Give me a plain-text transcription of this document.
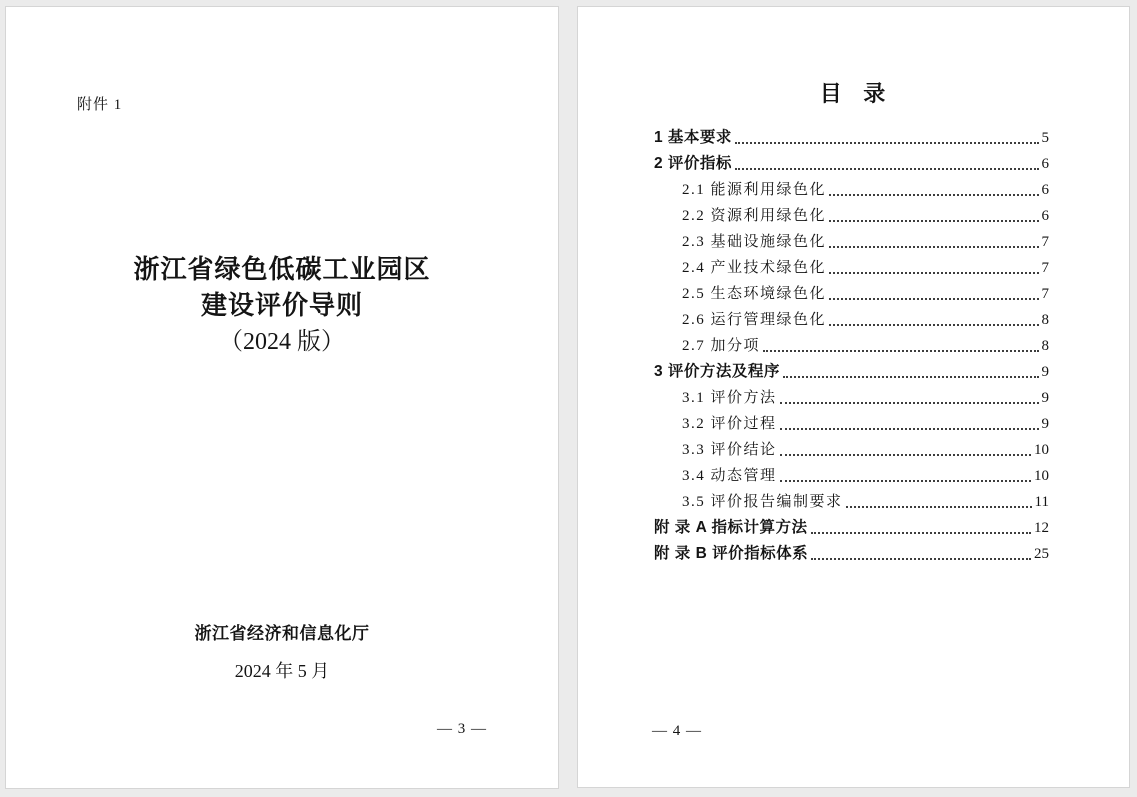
附件 1
浙江省绿色低碳工业园区
建设评价导则
（2024 版）
浙江省经济和信息化厅
2024 年 5 月
— 3 —
目 录
1 基本要求	5
2 评价指标	6
2.1 能源利用绿色化	6
2.2 资源利用绿色化	6
2.3 基础设施绿色化	7
2.4 产业技术绿色化	7
2.5 生态环境绿色化	7
2.6 运行管理绿色化	8
2.7 加分项	8
3 评价方法及程序	9
3.1 评价方法	9
3.2 评价过程	9
3.3 评价结论	10
3.4 动态管理	10
3.5 评价报告编制要求	11
附 录 A 指标计算方法	12
附 录 B 评价指标体系	25
— 4 —
